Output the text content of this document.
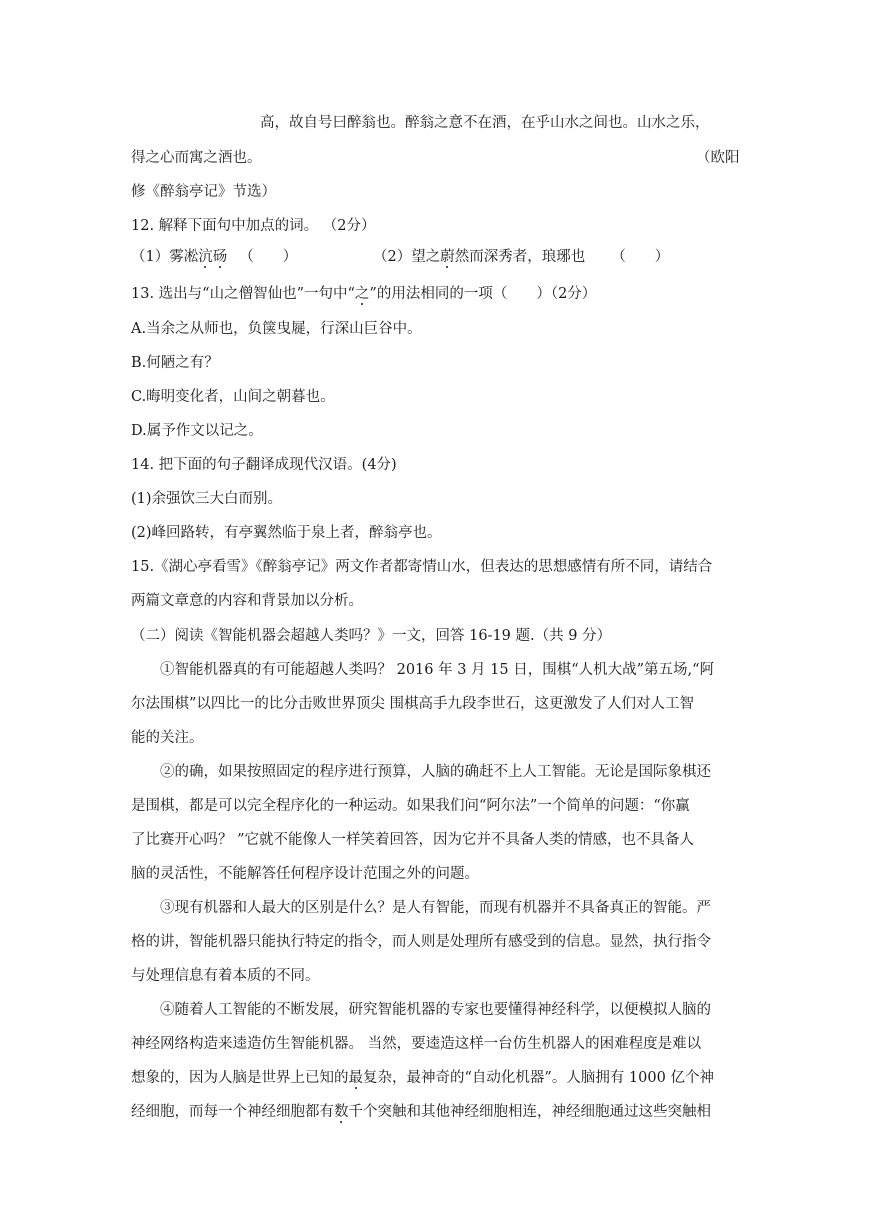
高，故自号曰醉翁也。醉翁之意不在酒，在乎山水之间也。山水之乐，
得之心而寓之酒也。	（欧阳
修《醉翁亭记》节选）
12. 解释下面句中加点的词。 （2分）
（1）雾凇沆砀 （　　）	（2）望之蔚然而深秀者，琅琊也 （　　）
13. 选出与“山之僧智仙也”一句中“之”的用法相同的一项（　　）（2分）
A.当余之从师也，负箧曳屣，行深山巨谷中。
B.何陋之有？
C.晦明变化者，山间之朝暮也。
D.属予作文以记之。
14. 把下面的句子翻译成现代汉语。(4分)
(1)余强饮三大白而别。
(2)峰回路转，有亭翼然临于泉上者，醉翁亭也。
15.《湖心亭看雪》《醉翁亭记》两文作者都寄情山水，但表达的思想感情有所不同，请结合
两篇文章意的内容和背景加以分析。
（二）阅读《智能机器会超越人类吗？》一文，回答 16-19 题.（共 9 分）
①智能机器真的有可能超越人类吗？ 2016 年 3 月 15 日，围棋“人机大战”第五场,“阿
尔法围棋”以四比一的比分击败世界顶尖 围棋高手九段李世石，这更激发了人们对人工智
能的关注。
②的确，如果按照固定的程序进行预算，人脑的确赶不上人工智能。无论是国际象棋还
是围棋，都是可以完全程序化的一种运动。如果我们问“阿尔法”一个简单的问题：“你赢
了比赛开心吗？ ”它就不能像人一样笑着回答，因为它并不具备人类的情感，也不具备人
脑的灵活性，不能解答任何程序设计范围之外的问题。
③现有机器和人最大的区别是什么？是人有智能，而现有机器并不具备真正的智能。严
格的讲，智能机器只能执行特定的指令，而人则是处理所有感受到的信息。显然，执行指令
与处理信息有着本质的不同。
④随着人工智能的不断发展，研究智能机器的专家也要懂得神经科学，以便模拟人脑的
神经网络构造来逵造仿生智能机器。 当然，要逵造这样一台仿生机器人的困难程度是难以
想象的，因为人脑是世界上已知的最复杂，最神奇的“自动化机器”。人脑拥有 1000 亿个神
经细胞，而每一个神经细胞都有数千个突触和其他神经细胞相连，神经细胞通过这些突触相
